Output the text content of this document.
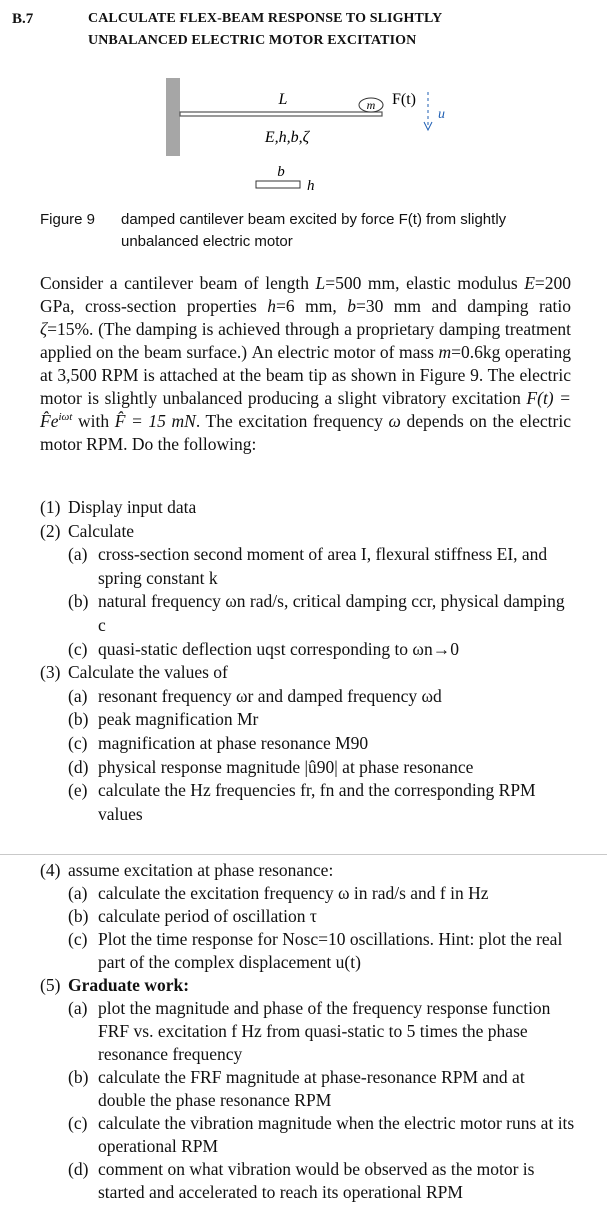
B.7	CALCULATE FLEX-BEAM RESPONSE TO SLIGHTLY
UNBALANCED ELECTRIC MOTOR EXCITATION
m
L	F(t)
E,h,b,ζ
u
b
h
Figure 9 damped cantilever beam excited by force F(t) from slightly unbalanced electric motor
Consider a cantilever beam of length L=500 mm, elastic modulus E=200 GPa, cross-section properties h=6 mm, b=30 mm and damping ratio ζ=15%. (The damping is achieved through a proprietary damping treatment applied on the beam surface.) An electric motor of mass m=0.6kg operating at 3,500 RPM is attached at the beam tip as shown in Figure 9. The electric motor is slightly unbalanced producing a slight vibratory excitation $F(t) = F̂e^{i\omega t}$ with F̂ = 15 mN. The excitation frequency ω depends on the electric motor RPM. Do the following:
(1) Display input data
(2) Calculate
(a) cross-section second moment of area I, flexural stiffness EI, and spring constant k
(b) natural frequency ωn rad/s, critical damping ccr, physical damping c
(c) quasi-static deflection uqst corresponding to ωn→0
(3) Calculate the values of
(a) resonant frequency ωr and damped frequency ωd
(b) peak magnification Mr
(c) magnification at phase resonance M90
(d) physical response magnitude |û90| at phase resonance
(e) calculate the Hz frequencies fr, fn and the corresponding RPM values
(4) assume excitation at phase resonance:
(a) calculate the excitation frequency ω in rad/s and f in Hz
(b) calculate period of oscillation τ
(c) Plot the time response for Nosc=10 oscillations. Hint: plot the real part of the complex displacement u(t)
(5) Graduate work:
(a) plot the magnitude and phase of the frequency response function FRF vs. excitation f Hz from quasi-static to 5 times the phase resonance frequency
(b) calculate the FRF magnitude at phase-resonance RPM and at double the phase resonance RPM
(c) calculate the vibration magnitude when the electric motor runs at its operational RPM
(d) comment on what vibration would be observed as the motor is started and accelerated to reach its operational RPM
